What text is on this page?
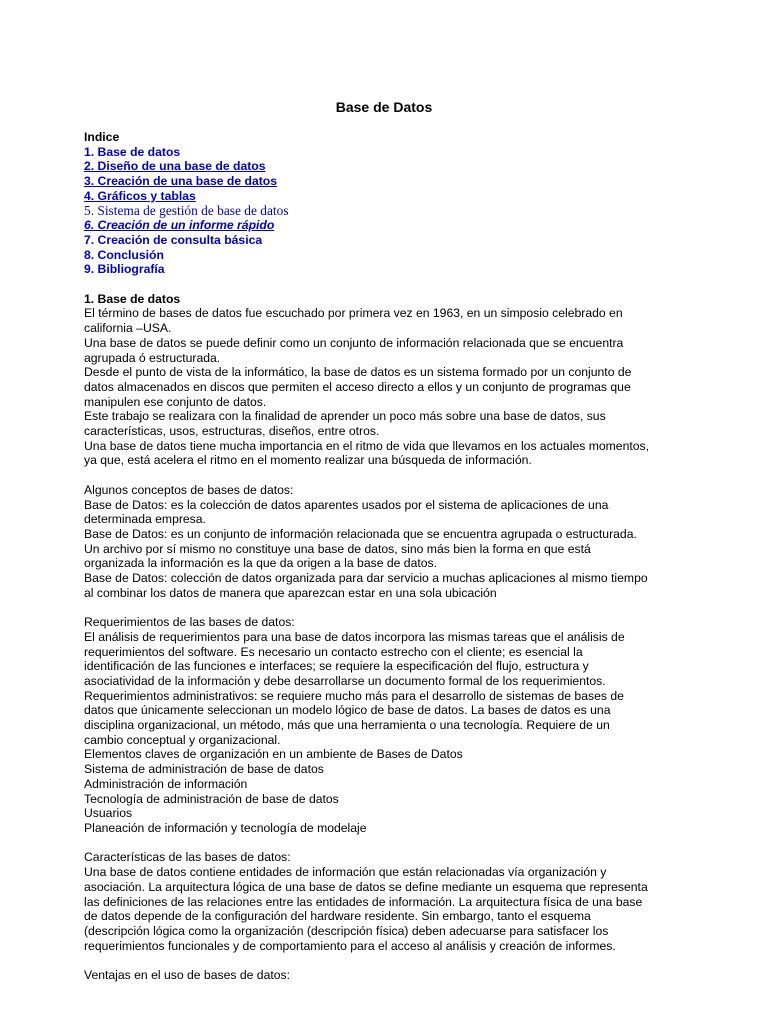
Base de Datos
Indice
1. Base de datos
2. Diseño de una base de datos
3. Creación de una base de datos
4. Gráficos y tablas
5. Sistema de gestión de base de datos
6. Creación de un informe rápido
7. Creación de consulta básica
8. Conclusión
9. Bibliografía
1. Base de datos
El término de bases de datos fue escuchado por primera vez en 1963, en un simposio celebrado en
california –USA.
Una base de datos se puede definir como un conjunto de información relacionada que se encuentra
agrupada ó estructurada.
Desde el punto de vista de la informático, la base de datos es un sistema formado por un conjunto de
datos almacenados en discos que permiten el acceso directo a ellos y un conjunto de programas que
manipulen ese conjunto de datos.
Este trabajo se realizara con la finalidad de aprender un poco más sobre una base de datos, sus
características, usos, estructuras, diseños, entre otros.
Una base de datos tiene mucha importancia en el ritmo de vida que llevamos en los actuales momentos,
ya que, está acelera el ritmo en el momento realizar una búsqueda de información.
Algunos conceptos de bases de datos:
Base de Datos: es la colección de datos aparentes usados por el sistema de aplicaciones de una
determinada empresa.
Base de Datos: es un conjunto de información relacionada que se encuentra agrupada o estructurada.
Un archivo por sí mismo no constituye una base de datos, sino más bien la forma en que está
organizada la información es la que da origen a la base de datos.
Base de Datos: colección de datos organizada para dar servicio a muchas aplicaciones al mismo tiempo
al combinar los datos de manera que aparezcan estar en una sola ubicación
Requerimientos de las bases de datos:
El análisis de requerimientos para una base de datos incorpora las mismas tareas que el análisis de
requerimientos del software. Es necesario un contacto estrecho con el cliente; es esencial la
identificación de las funciones e interfaces; se requiere la especificación del flujo, estructura y
asociatividad de la información y debe desarrollarse un documento formal de los requerimientos.
Requerimientos administrativos: se requiere mucho más para el desarrollo de sistemas de bases de
datos que únicamente seleccionan un modelo lógico de base de datos. La bases de datos es una
disciplina organizacional, un método, más que una herramienta o una tecnología. Requiere de un
cambio conceptual y organizacional.
Elementos claves de organización en un ambiente de Bases de Datos
Sistema de administración de base de datos
Administración de información
Tecnología de administración de base de datos
Usuarios
Planeación de información y tecnología de modelaje
Características de las bases de datos:
Una base de datos contiene entidades de información que están relacionadas vía organización y
asociación. La arquitectura lógica de una base de datos se define mediante un esquema que representa
las definiciones de las relaciones entre las entidades de información. La arquitectura física de una base
de datos depende de la configuración del hardware residente. Sin embargo, tanto el esquema
(descripción lógica como la organización (descripción física) deben adecuarse para satisfacer los
requerimientos funcionales y de comportamiento para el acceso al análisis y creación de informes.
Ventajas en el uso de bases de datos:
